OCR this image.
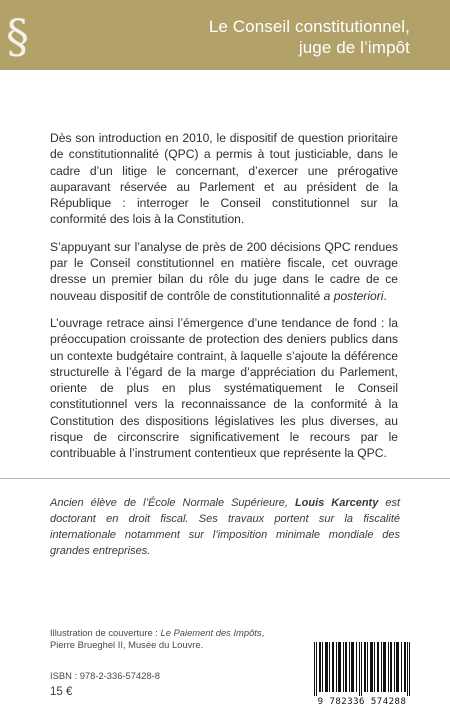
§	Le Conseil constitutionnel,
juge de l’impôt

Dès son introduction en 2010, le dispositif de question prioritaire de constitutionnalité (QPC) a permis à tout justiciable, dans le cadre d’un litige le concernant, d’exercer une prérogative auparavant réservée au Parlement et au président de la République : interroger le Conseil constitutionnel sur la conformité des lois à la Constitution.

S’appuyant sur l’analyse de près de 200 décisions QPC rendues par le Conseil constitutionnel en matière fiscale, cet ouvrage dresse un premier bilan du rôle du juge dans le cadre de ce nouveau dispositif de contrôle de constitutionnalité a posteriori.

L’ouvrage retrace ainsi l’émergence d’une tendance de fond : la préoccupation croissante de protection des deniers publics dans un contexte budgétaire contraint, à laquelle s’ajoute la déférence structurelle à l’égard de la marge d’appréciation du Parlement, oriente de plus en plus systématiquement le Conseil constitutionnel vers la reconnaissance de la conformité à la Constitution des dispositions législatives les plus diverses, au risque de circonscrire significativement le recours par le contribuable à l’instrument contentieux que représente la QPC.

Ancien élève de l’École Normale Supérieure, Louis Karcenty est doctorant en droit fiscal. Ses travaux portent sur la fiscalité internationale notamment sur l’imposition minimale mondiale des grandes entreprises.
Illustration de couverture : Le Paiement des Impôts, Pierre Brueghel II, Musée du Louvre.
ISBN : 978-2-336-57428-8
15 €
9 782336 574288
